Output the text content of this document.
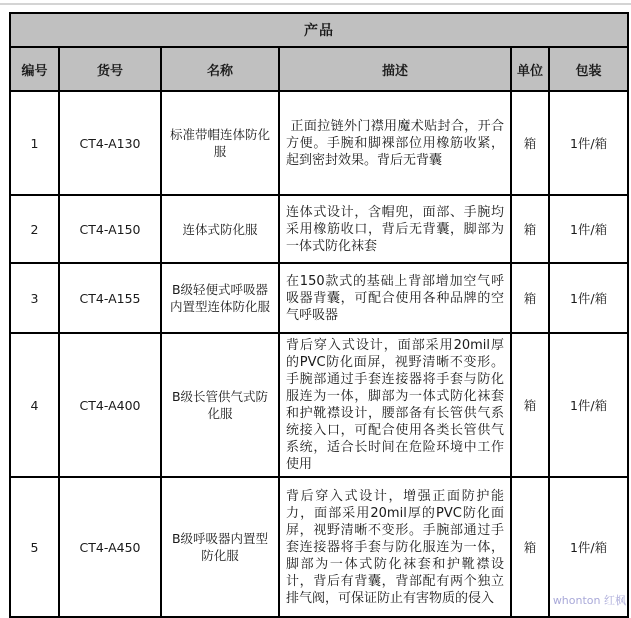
产品					
编号	货号	名称	描述	单位	包装
1	CT4-A130	标准带帽连体防化服	正面拉链外门襟用魔术贴封合，开合方便。手腕和脚裸部位用橡筋收紧，起到密封效果。背后无背囊	箱	1件/箱
2	CT4-A150	连体式防化服	连体式设计，含帽兜，面部、手腕均采用橡筋收口，背后无背囊，脚部为一体式防化袜套	箱	1件/箱
3	CT4-A155	B级轻便式呼吸器内置型连体防化服	在150款式的基础上背部增加空气呼吸器背囊，可配合使用各种品牌的空气呼吸器	箱	1件/箱
4	CT4-A400	B级长管供气式防化服	背后穿入式设计，面部采用20mil厚的PVC防化面屏，视野清晰不变形。手腕部通过手套连接器将手套与防化服连为一体，脚部为一体式防化袜套和护靴襟设计，腰部备有长管供气系统接入口，可配合使用各类长管供气系统，适合长时间在危险环境中工作使用	箱	1件/箱
5	CT4-A450	B级呼吸器内置型防化服	背后穿入式设计，增强正面防护能力，面部采用20mil厚的PVC防化面屏，视野清晰不变形。手腕部通过手套连接器将手套与防化服连为一体，脚部为一体式防化袜套和护靴襟设计，背后有背囊，背部配有两个独立排气阀，可保证防止有害物质的侵入	箱	1件/箱
whonton 红枫
